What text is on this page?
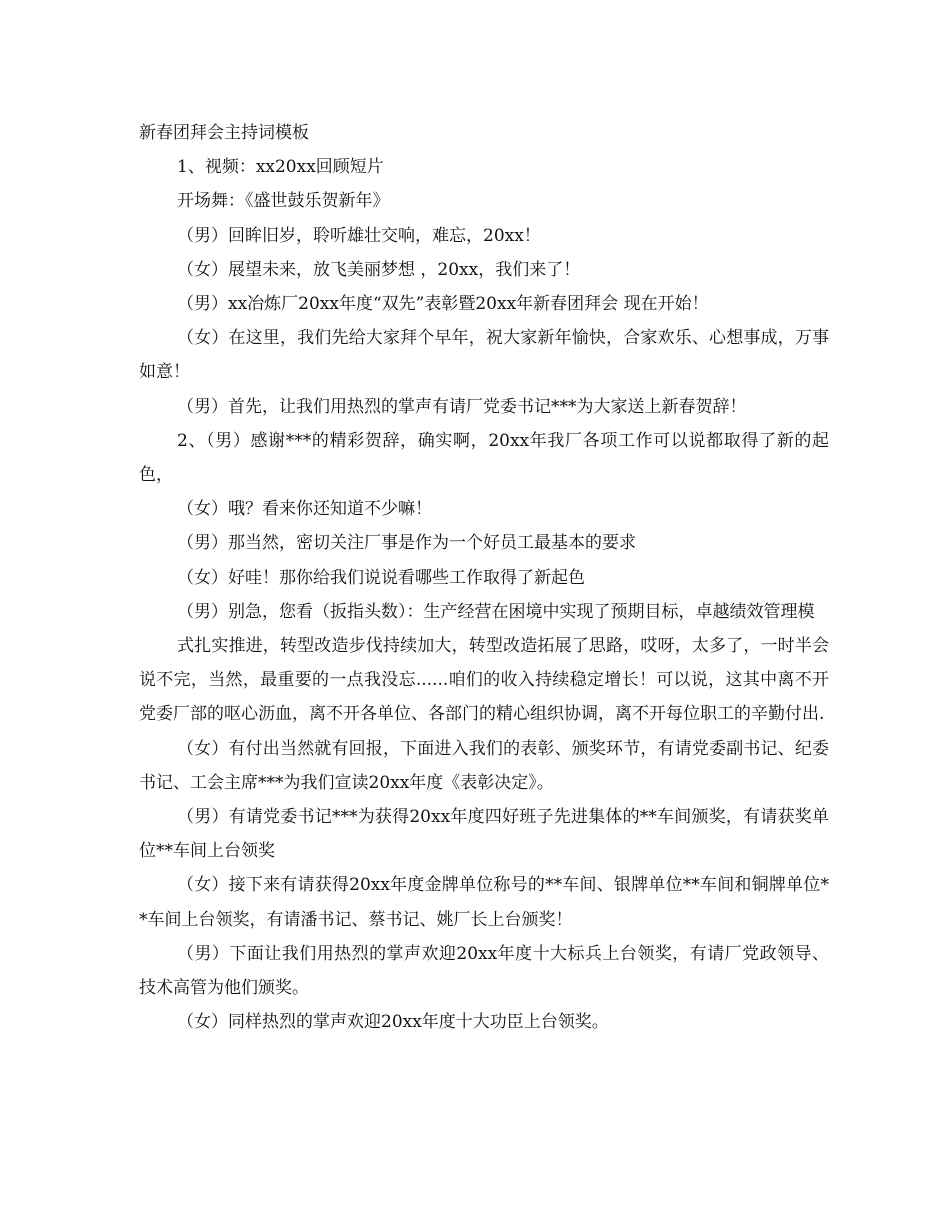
新春团拜会主持词模板

1、视频：xx20xx回顾短片

开场舞：《盛世鼓乐贺新年》

（男）回眸旧岁，聆听雄壮交响，难忘，20xx！

（女）展望未来，放飞美丽梦想 ，20xx，我们来了！

（男）xx冶炼厂20xx年度“双先”表彰暨20xx年新春团拜会 现在开始！

（女）在这里，我们先给大家拜个早年，祝大家新年愉快，合家欢乐、心想事成，万事如意！

（男）首先，让我们用热烈的掌声有请厂党委书记***为大家送上新春贺辞！

2、（男）感谢***的精彩贺辞，确实啊，20xx年我厂各项工作可以说都取得了新的起色，

（女）哦？看来你还知道不少嘛！

（男）那当然，密切关注厂事是作为一个好员工最基本的要求

（女）好哇！那你给我们说说看哪些工作取得了新起色

（男）别急，您看（扳指头数）：生产经营在困境中实现了预期目标，卓越绩效管理模

式扎实推进，转型改造步伐持续加大，转型改造拓展了思路，哎呀，太多了，一时半会说不完，当然，最重要的一点我没忘......咱们的收入持续稳定增长！可以说，这其中离不开党委厂部的呕心沥血，离不开各单位、各部门的精心组织协调，离不开每位职工的辛勤付出.

（女）有付出当然就有回报，下面进入我们的表彰、颁奖环节，有请党委副书记、纪委书记、工会主席***为我们宣读20xx年度《表彰决定》。

（男）有请党委书记***为获得20xx年度四好班子先进集体的**车间颁奖，有请获奖单位**车间上台领奖

（女）接下来有请获得20xx年度金牌单位称号的**车间、银牌单位**车间和铜牌单位**车间上台领奖，有请潘书记、蔡书记、姚厂长上台颁奖！

（男）下面让我们用热烈的掌声欢迎20xx年度十大标兵上台领奖，有请厂党政领导、技术高管为他们颁奖。

（女）同样热烈的掌声欢迎20xx年度十大功臣上台领奖。
